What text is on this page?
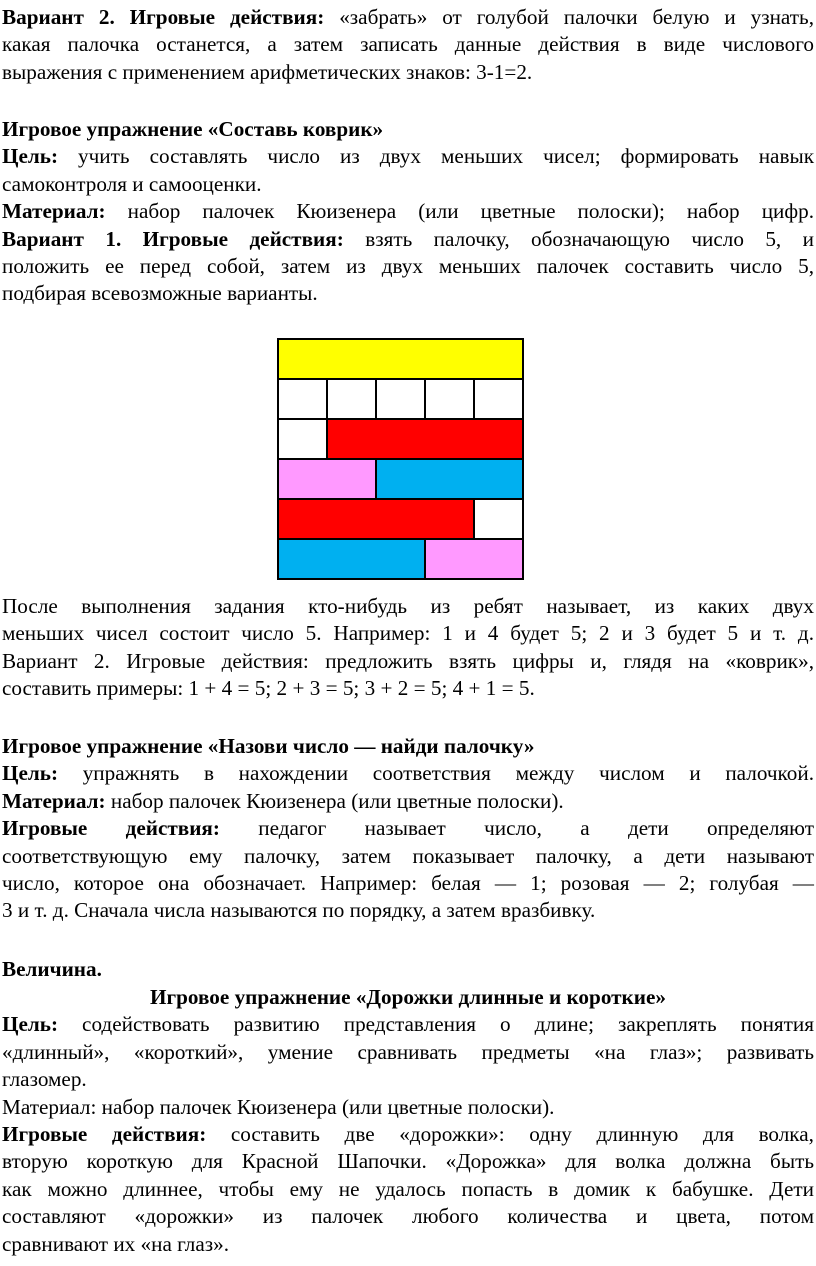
Вариант 2. Игровые действия: «забрать» от голубой палочки белую и узнать,
какая палочка останется, а затем записать данные действия в виде числового
выражения с применением арифметических знаков: 3-1=2.
Игровое упражнение «Составь коврик»
Цель: учить составлять число из двух меньших чисел; формировать навык
самоконтроля и самооценки.
Материал: набор палочек Кюизенера (или цветные полоски); набор цифр.
Вариант 1. Игровые действия: взять палочку, обозначающую число 5, и
положить ее перед собой, затем из двух меньших палочек составить число 5,
подбирая всевозможные варианты.
После выполнения задания кто-нибудь из ребят называет, из каких двух
меньших чисел состоит число 5. Например: 1 и 4 будет 5; 2 и 3 будет 5 и т. д.
Вариант 2. Игровые действия: предложить взять цифры и, глядя на «коврик»,
составить примеры: 1 + 4 = 5; 2 + 3 = 5; 3 + 2 = 5; 4 + 1 = 5.
Игровое упражнение «Назови число — найди палочку»
Цель: упражнять в нахождении соответствия между числом и палочкой.
Материал: набор палочек Кюизенера (или цветные полоски).
Игровые действия: педагог называет число, а дети определяют
соответствующую ему палочку, затем показывает палочку, а дети называют
число, которое она обозначает. Например: белая — 1; розовая — 2; голубая —
3 и т. д. Сначала числа называются по порядку, а затем вразбивку.
Величина.
Игровое упражнение «Дорожки длинные и короткие»
Цель: содействовать развитию представления о длине; закреплять понятия
«длинный», «короткий», умение сравнивать предметы «на глаз»; развивать
глазомер.
Материал: набор палочек Кюизенера (или цветные полоски).
Игровые действия: составить две «дорожки»: одну длинную для волка,
вторую короткую для Красной Шапочки. «Дорожка» для волка должна быть
как можно длиннее, чтобы ему не удалось попасть в домик к бабушке. Дети
составляют «дорожки» из палочек любого количества и цвета, потом
сравнивают их «на глаз».
